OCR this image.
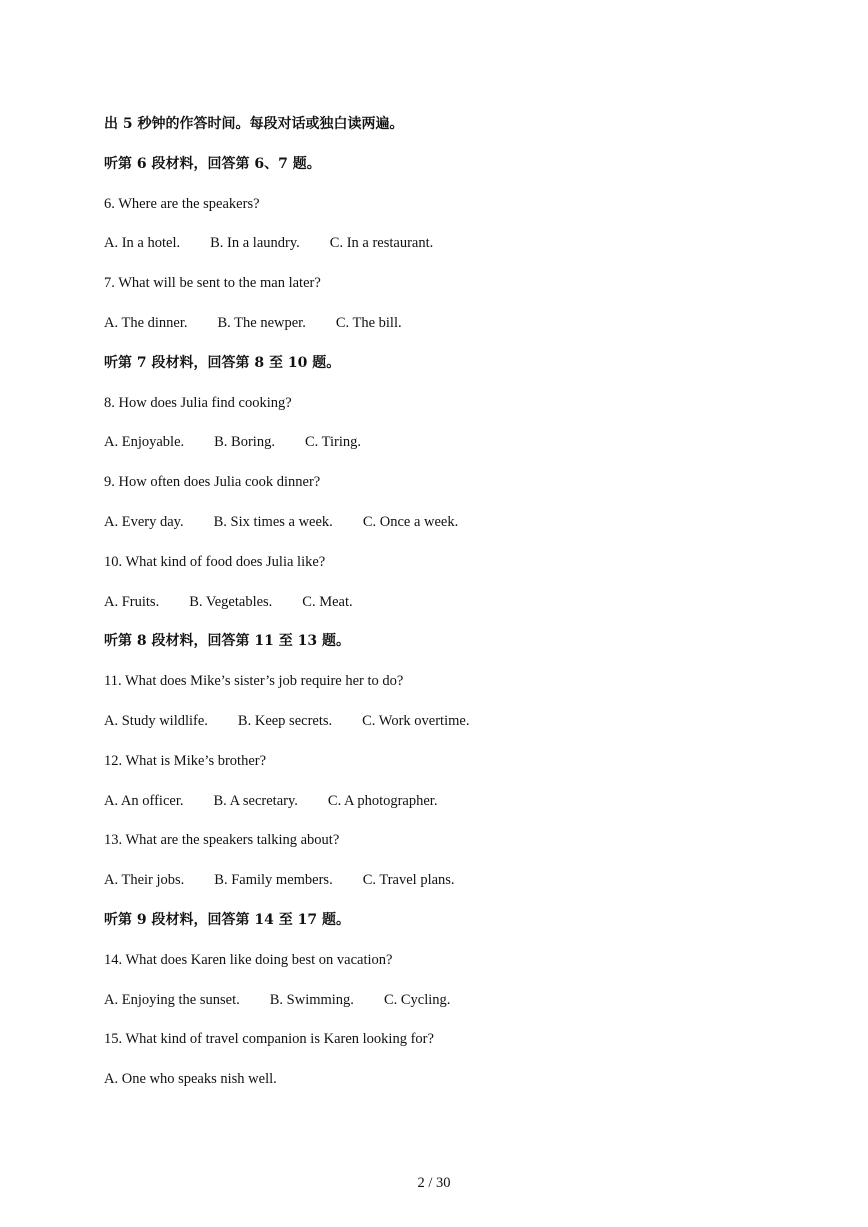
出 5 秒钟的作答时间。每段对话或独白读两遍。
听第 6 段材料，回答第 6、7 题。
6. Where are the speakers?
A. In a hotel. B. In a laundry. C. In a restaurant.
7. What will be sent to the man later?
A. The dinner. B. The newper. C. The bill.
听第 7 段材料，回答第 8 至 10 题。
8. How does Julia find cooking?
A. Enjoyable. B. Boring. C. Tiring.
9. How often does Julia cook dinner?
A. Every day. B. Six times a week. C. Once a week.
10. What kind of food does Julia like?
A. Fruits. B. Vegetables. C. Meat.
听第 8 段材料，回答第 11 至 13 题。
11. What does Mike’s sister’s job require her to do?
A. Study wildlife. B. Keep secrets. C. Work overtime.
12. What is Mike’s brother?
A. An officer. B. A secretary. C. A photographer.
13. What are the speakers talking about?
A. Their jobs. B. Family members. C. Travel plans.
听第 9 段材料，回答第 14 至 17 题。
14. What does Karen like doing best on vacation?
A. Enjoying the sunset. B. Swimming. C. Cycling.
15. What kind of travel companion is Karen looking for?
A. One who speaks nish well.
2 / 30
